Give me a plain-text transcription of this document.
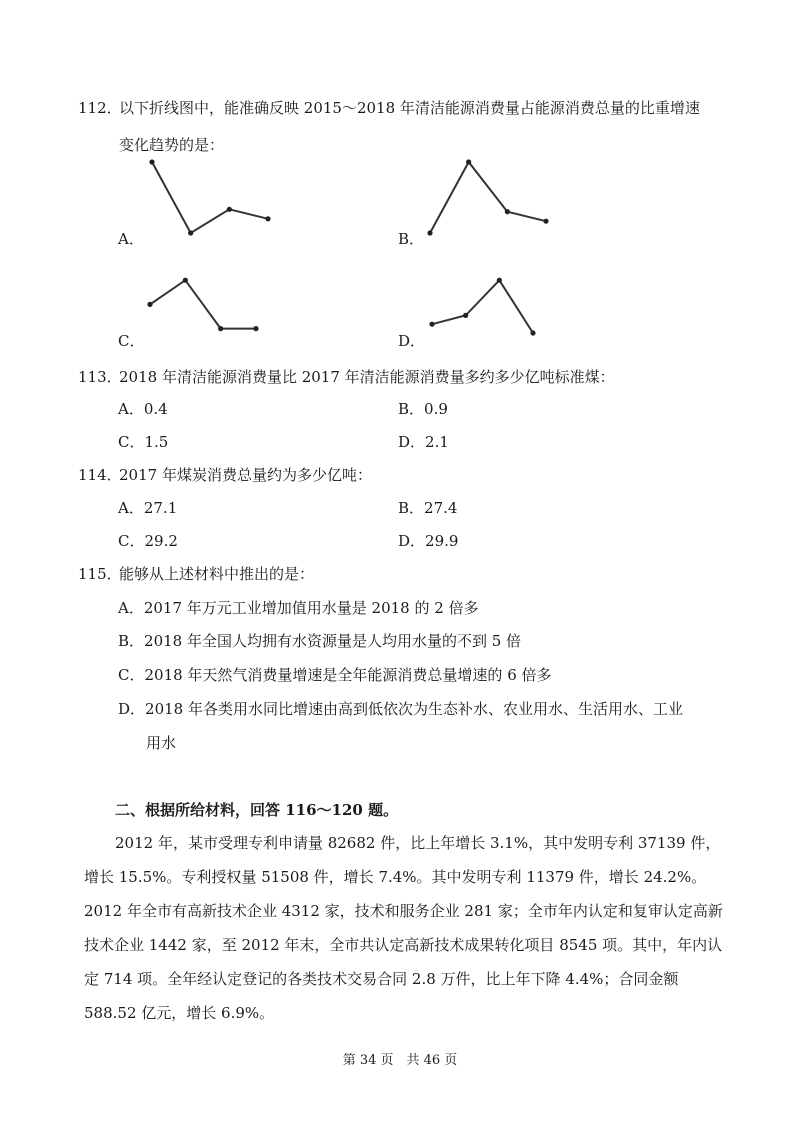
112．
以下折线图中，能准确反映 2015～2018 年清洁能源消费量占能源消费总量的比重增速
变化趋势的是：
A．	B．
C．	D．
113．
2018 年清洁能源消费量比 2017 年清洁能源消费量多约多少亿吨标准煤：
A．0.4	B．0.9
C．1.5	D．2.1
114．
2017 年煤炭消费总量约为多少亿吨：
A．27.1	B．27.4
C．29.2	D．29.9
115．
能够从上述材料中推出的是：
A．2017 年万元工业增加值用水量是 2018 的 2 倍多
B．2018 年全国人均拥有水资源量是人均用水量的不到 5 倍
C．2018 年天然气消费量增速是全年能源消费总量增速的 6 倍多
D．2018 年各类用水同比增速由高到低依次为生态补水、农业用水、生活用水、工业
用水
二、根据所给材料，回答 116～120 题。

2012 年，某市受理专利申请量 82682 件，比上年增长 3.1%，其中发明专利 37139 件，增长 15.5%。专利授权量 51508 件，增长 7.4%。其中发明专利 11379 件，增长 24.2%。2012 年全市有高新技术企业 4312 家，技术和服务企业 281 家；全市年内认定和复审认定高新技术企业 1442 家，至 2012 年末，全市共认定高新技术成果转化项目 8545 项。其中，年内认定 714 项。全年经认定登记的各类技术交易合同 2.8 万件，比上年下降 4.4%；合同金额 588.52 亿元，增长 6.9%。

第 34 页　共 46 页
